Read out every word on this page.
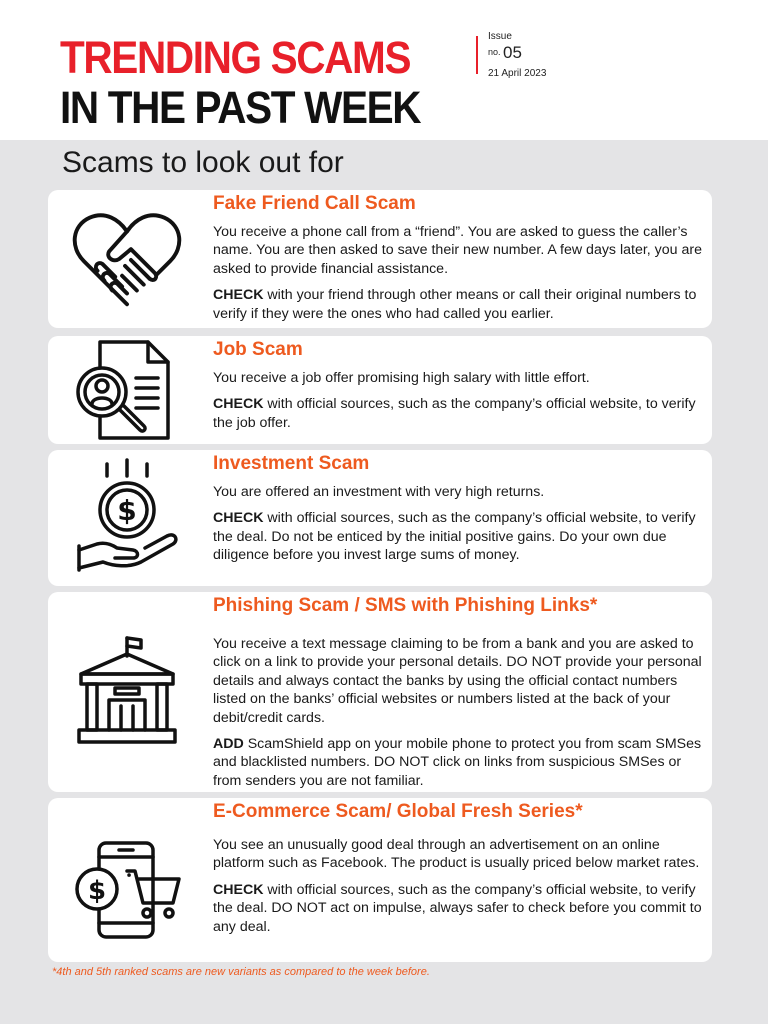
TRENDING SCAMS
IN THE PAST WEEK
Issue
no. 05
21 April 2023
Scams to look out for
Fake Friend Call Scam

You receive a phone call from a “friend”. You are asked to guess the caller’s name. You are then asked to save their new number. A few days later, you are asked to provide financial assistance.

CHECK with your friend through other means or call their original numbers to verify if they were the ones who had called you earlier.

Job Scam

You receive a job offer promising high salary with little effort.

CHECK with official sources, such as the company’s official website, to verify the job offer.

$
Investment Scam

You are offered an investment with very high returns.

CHECK with official sources, such as the company’s official website, to verify the deal. Do not be enticed by the initial positive gains. Do your own due diligence before you invest large sums of money.

Phishing Scam / SMS with Phishing Links*

You receive a text message claiming to be from a bank and you are asked to click on a link to provide your personal details. DO NOT provide your personal details and always contact the banks by using the official contact numbers listed on the banks’ official websites or numbers listed at the back of your debit/credit cards.

ADD ScamShield app on your mobile phone to protect you from scam SMSes and blacklisted numbers. DO NOT click on links from suspicious SMSes or from senders you are not familiar.

$
E-Commerce Scam/ Global Fresh Series*

You see an unusually good deal through an advertisement on an online platform such as Facebook. The product is usually priced below market rates.

CHECK with official sources, such as the company’s official website, to verify the deal. DO NOT act on impulse, always safer to check before you commit to any deal.

*4th and 5th ranked scams are new variants as compared to the week before.
